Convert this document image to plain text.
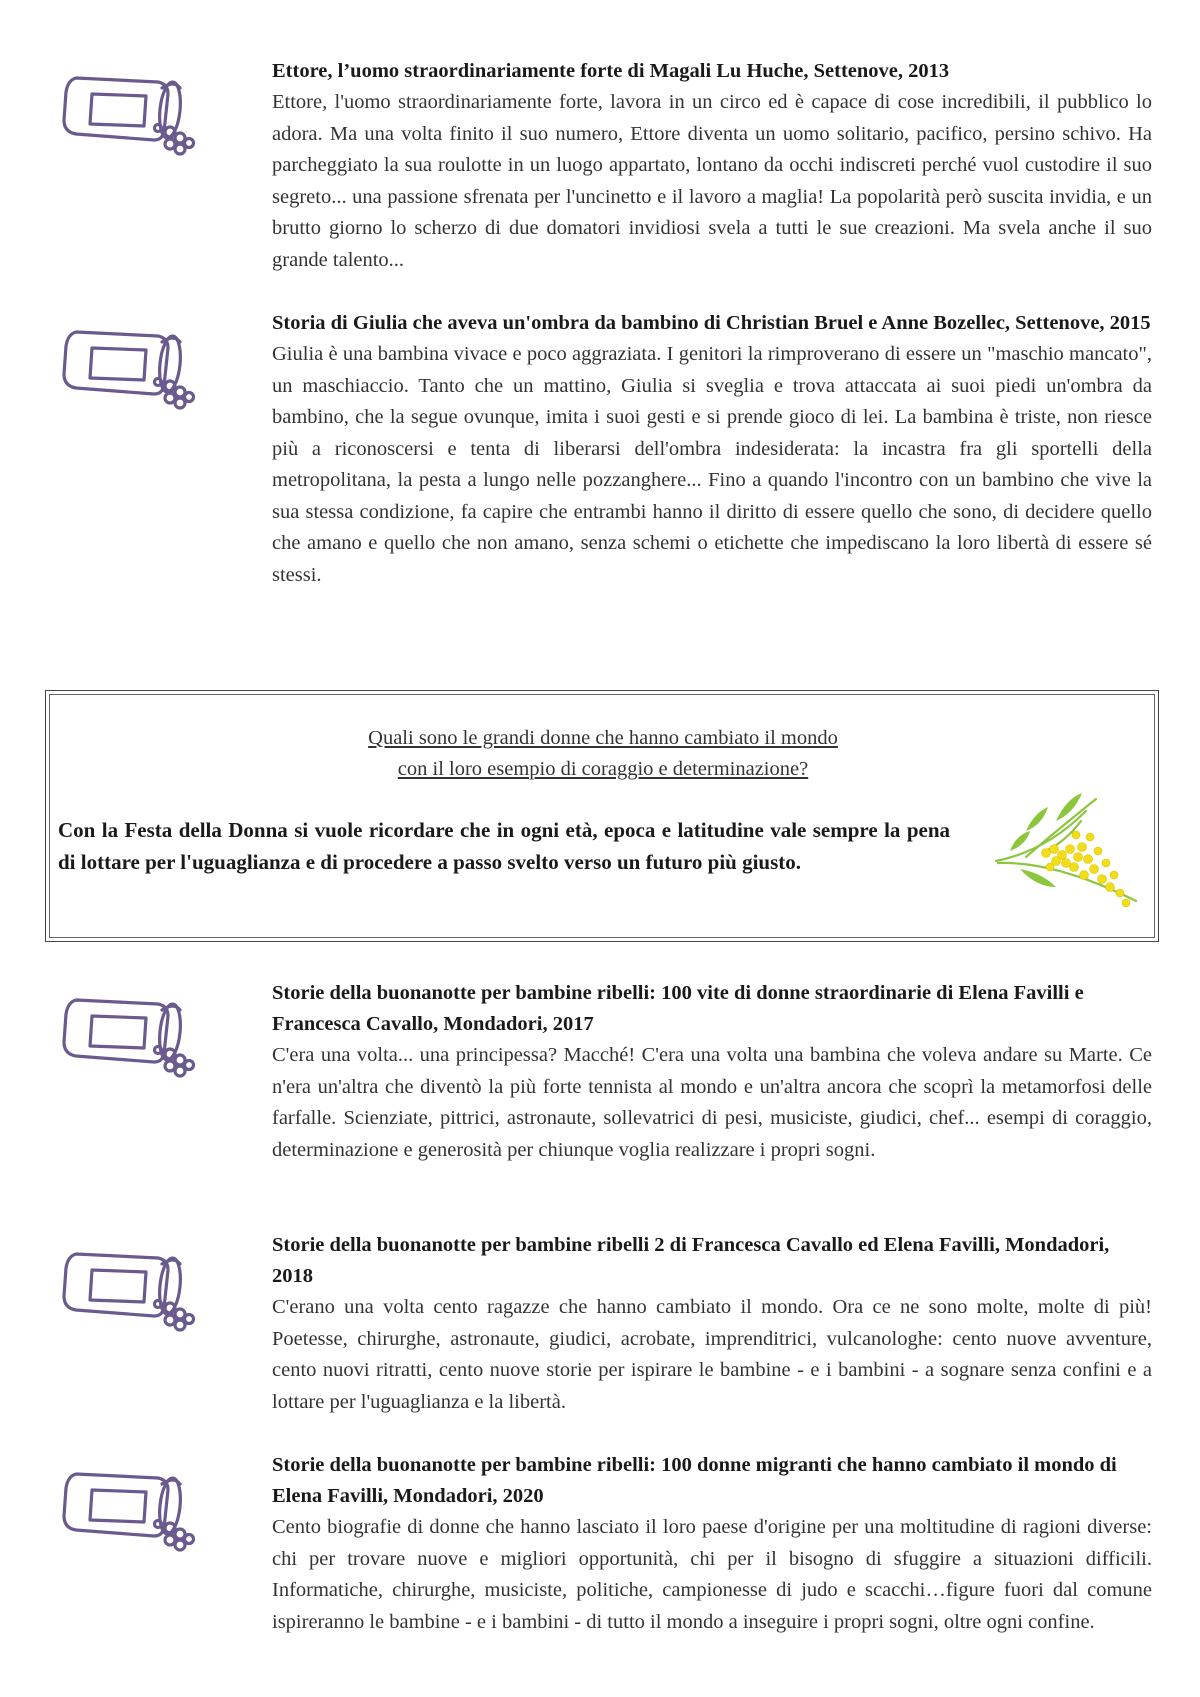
Ettore, l’uomo straordinariamente forte di Magali Lu Huche, Settenove, 2013

Ettore, l'uomo straordinariamente forte, lavora in un circo ed è capace di cose incredibili, il pubblico lo adora. Ma una volta finito il suo numero, Ettore diventa un uomo solitario, pacifico, persino schivo. Ha parcheggiato la sua roulotte in un luogo appartato, lontano da occhi indiscreti perché vuol custodire il suo segreto... una passione sfrenata per l'uncinetto e il lavoro a maglia! La popolarità però suscita invidia, e un brutto giorno lo scherzo di due domatori invidiosi svela a tutti le sue creazioni. Ma svela anche il suo grande talento...

Storia di Giulia che aveva un'ombra da bambino di Christian Bruel e Anne Bozellec, Settenove, 2015

Giulia è una bambina vivace e poco aggraziata. I genitori la rimproverano di essere un "maschio mancato", un maschiaccio. Tanto che un mattino, Giulia si sveglia e trova attaccata ai suoi piedi un'ombra da bambino, che la segue ovunque, imita i suoi gesti e si prende gioco di lei. La bambina è triste, non riesce più a riconoscersi e tenta di liberarsi dell'ombra indesiderata: la incastra fra gli sportelli della metropolitana, la pesta a lungo nelle pozzanghere... Fino a quando l'incontro con un bambino che vive la sua stessa condizione, fa capire che entrambi hanno il diritto di essere quello che sono, di decidere quello che amano e quello che non amano, senza schemi o etichette che impediscano la loro libertà di essere sé stessi.

Quali sono le grandi donne che hanno cambiato il mondo
con il loro esempio di coraggio e determinazione?
Con la Festa della Donna si vuole ricordare che in ogni età, epoca e latitudine vale sempre la pena di lottare per l'uguaglianza e di procedere a passo svelto verso un futuro più giusto.
Storie della buonanotte per bambine ribelli: 100 vite di donne straordinarie di Elena Favilli e Francesca Cavallo, Mondadori, 2017

C'era una volta... una principessa? Macché! C'era una volta una bambina che voleva andare su Marte. Ce n'era un'altra che diventò la più forte tennista al mondo e un'altra ancora che scoprì la metamorfosi delle farfalle. Scienziate, pittrici, astronaute, sollevatrici di pesi, musiciste, giudici, chef... esempi di coraggio, determinazione e generosità per chiunque voglia realizzare i propri sogni.

Storie della buonanotte per bambine ribelli 2 di Francesca Cavallo ed Elena Favilli, Mondadori, 2018

C'erano una volta cento ragazze che hanno cambiato il mondo. Ora ce ne sono molte, molte di più! Poetesse, chirurghe, astronaute, giudici, acrobate, imprenditrici, vulcanologhe: cento nuove avventure, cento nuovi ritratti, cento nuove storie per ispirare le bambine - e i bambini - a sognare senza confini e a lottare per l'uguaglianza e la libertà.

Storie della buonanotte per bambine ribelli: 100 donne migranti che hanno cambiato il mondo di Elena Favilli, Mondadori, 2020

Cento biografie di donne che hanno lasciato il loro paese d'origine per una moltitudine di ragioni diverse: chi per trovare nuove e migliori opportunità, chi per il bisogno di sfuggire a situazioni difficili. Informatiche, chirurghe, musiciste, politiche, campionesse di judo e scacchi…figure fuori dal comune ispireranno le bambine - e i bambini - di tutto il mondo a inseguire i propri sogni, oltre ogni confine.
